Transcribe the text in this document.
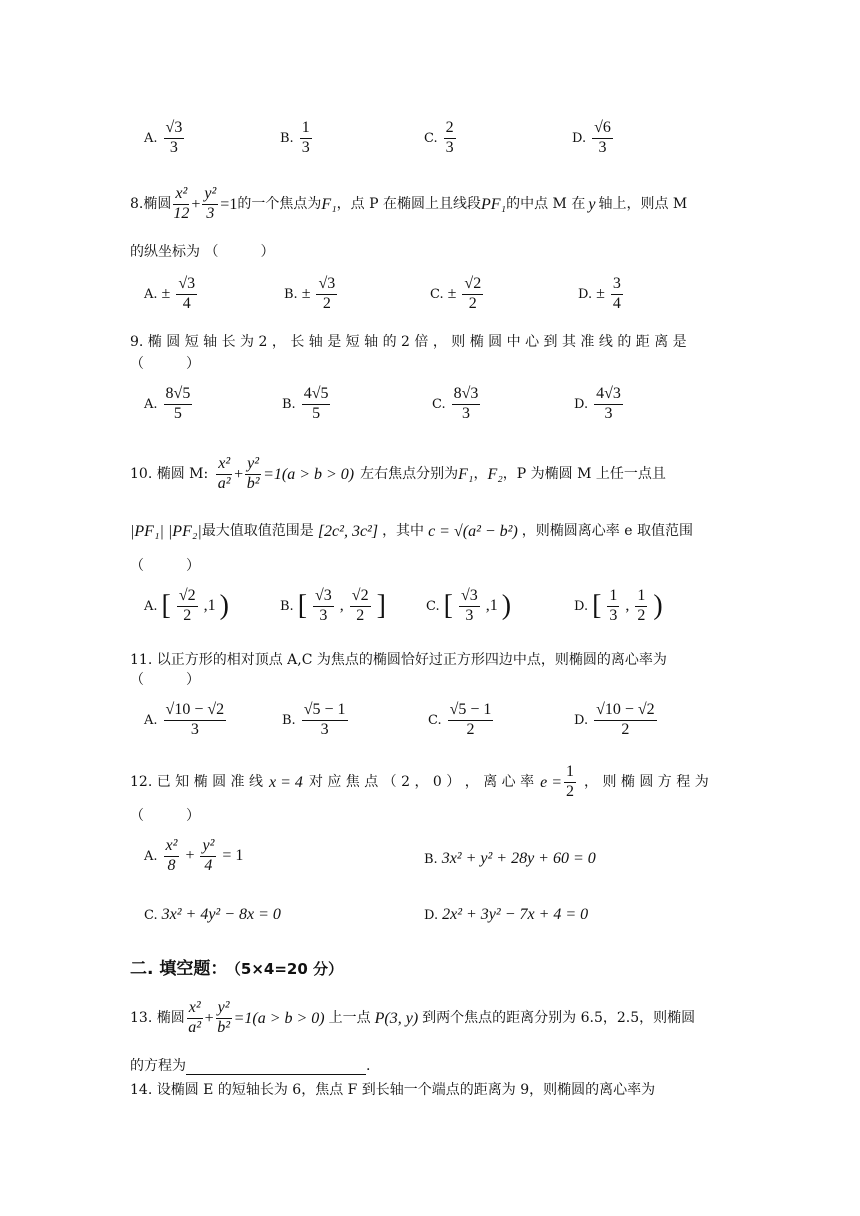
A. $\frac{√3}{3}$	B. $\frac{1}{3}$	C. $\frac{2}{3}$	D. $\frac{√6}{3}$
8.椭圆 $\frac{\text{x²}}{12} + \frac{\text{y²}}{3} =1$ 的一个焦点为 F₁ ，点 P 在椭圆上且线段 PF₁ 的中点 M 在 y 轴上，则点 M
的纵坐标为 （　　　）
A. ± $\frac{√3}{4}$	B. ± $\frac{√3}{2}$	C. ± $\frac{√2}{2}$	D. ± $\frac{3}{4}$
9. 椭 圆 短 轴 长 为 2 ， 长 轴 是 短 轴 的 2 倍 ， 则 椭 圆 中 心 到 其 准 线 的 距 离 是
（　　　）
A. $\frac{8√5}{5}$	B. $\frac{4√5}{5}$	C. $\frac{8√3}{3}$	D. $\frac{4√3}{3}$
10. 椭圆 M: $\frac{\text{x²}}{\text{a²}} + \frac{\text{y²}}{\text{b²}} =1(a > b > 0)$ 左右焦点分别为 F₁ ， F₂ ，P 为椭圆 M 上任一点且
|PF₁| |PF₂| 最大值取值范围是 [2c², 3c²] ，其中 c = √(a² − b²) ，则椭圆离心率 e 取值范围
（　　　）
A. [ $\frac{√2}{2} ,1$ )	B. [ $\frac{√3}{3}$ , $\frac{√2}{2}$ ]	C. [ $\frac{√3}{3} ,1$ )	D. [ $\frac{1}{3}$ , $\frac{1}{2}$ )
11. 以正方形的相对顶点 A,C 为焦点的椭圆恰好过正方形四边中点，则椭圆的离心率为
（　　　）
A. $\frac{√10 - √2}{3}$	B. $\frac{√5 - 1}{3}$	C. $\frac{√5 - 1}{2}$	D. $\frac{√10 - √2}{2}$
12. 已 知 椭 圆 准 线 x = 4 对 应 焦 点 （ 2 ， 0 ） ， 离 心 率 $e = \frac{1}{2}$ ， 则 椭 圆 方 程 为
（　　　）
A. $\frac{\text{x²}}{8} + \frac{\text{y²}}{4} = 1$	B. 3x² + y² + 28y + 60 = 0
C. 3x² + 4y² − 8x = 0	D. 2x² + 3y² − 7x + 4 = 0
二. 填空题： （5×4=20 分）
13. 椭圆 $\frac{\text{x²}}{\text{a²}} + \frac{\text{y²}}{\text{b²}} =1(a > b > 0)$ 上一点 P(3, y) 到两个焦点的距离分别为 6.5，2.5，则椭圆
的方程为	.
14. 设椭圆 E 的短轴长为 6，焦点 F 到长轴一个端点的距离为 9，则椭圆的离心率为
